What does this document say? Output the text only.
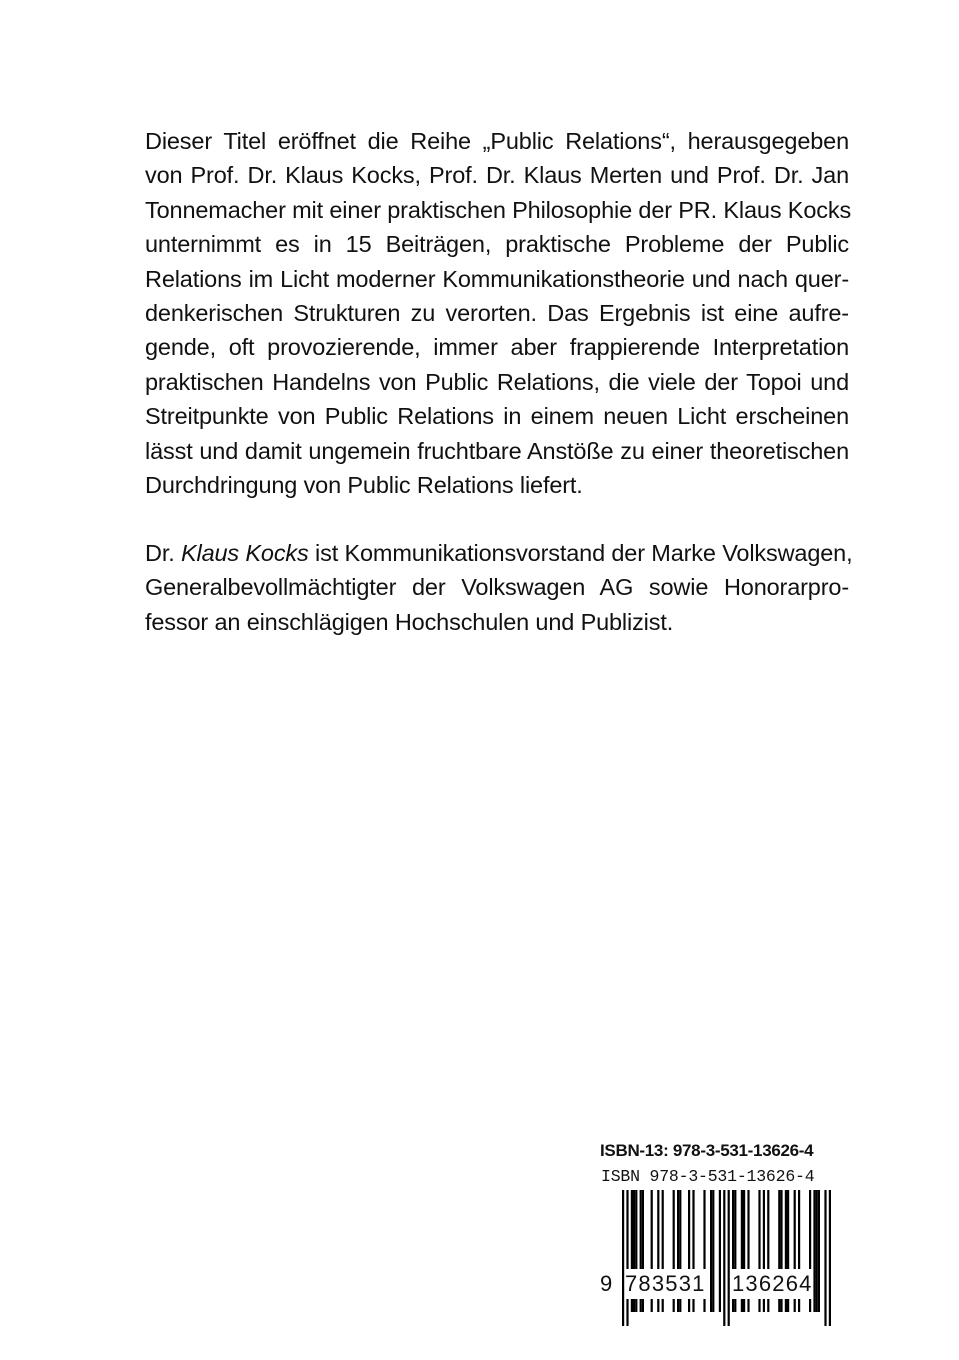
Dieser Titel eröffnet die Reihe „Public Relations“, herausgegeben
von Prof. Dr. Klaus Kocks, Prof. Dr. Klaus Merten und Prof. Dr. Jan
Tonnemacher mit einer praktischen Philosophie der PR. Klaus Kocks
unternimmt es in 15 Beiträgen, praktische Probleme der Public
Relations im Licht moderner Kommunikationstheorie und nach quer-
denkerischen Strukturen zu verorten. Das Ergebnis ist eine aufre-
gende, oft provozierende, immer aber frappierende Interpretation
praktischen Handelns von Public Relations, die viele der Topoi und
Streitpunkte von Public Relations in einem neuen Licht erscheinen
lässt und damit ungemein fruchtbare Anstöße zu einer theoretischen
Durchdringung von Public Relations liefert.
Dr. Klaus Kocks ist Kommunikationsvorstand der Marke Volkswagen,
Generalbevollmächtigter der Volkswagen AG sowie Honorarpro-
fessor an einschlägigen Hochschulen und Publizist.
ISBN-13: 978-3-531-13626-4
ISBN 978-3-531-13626-4
9 783531 136264
